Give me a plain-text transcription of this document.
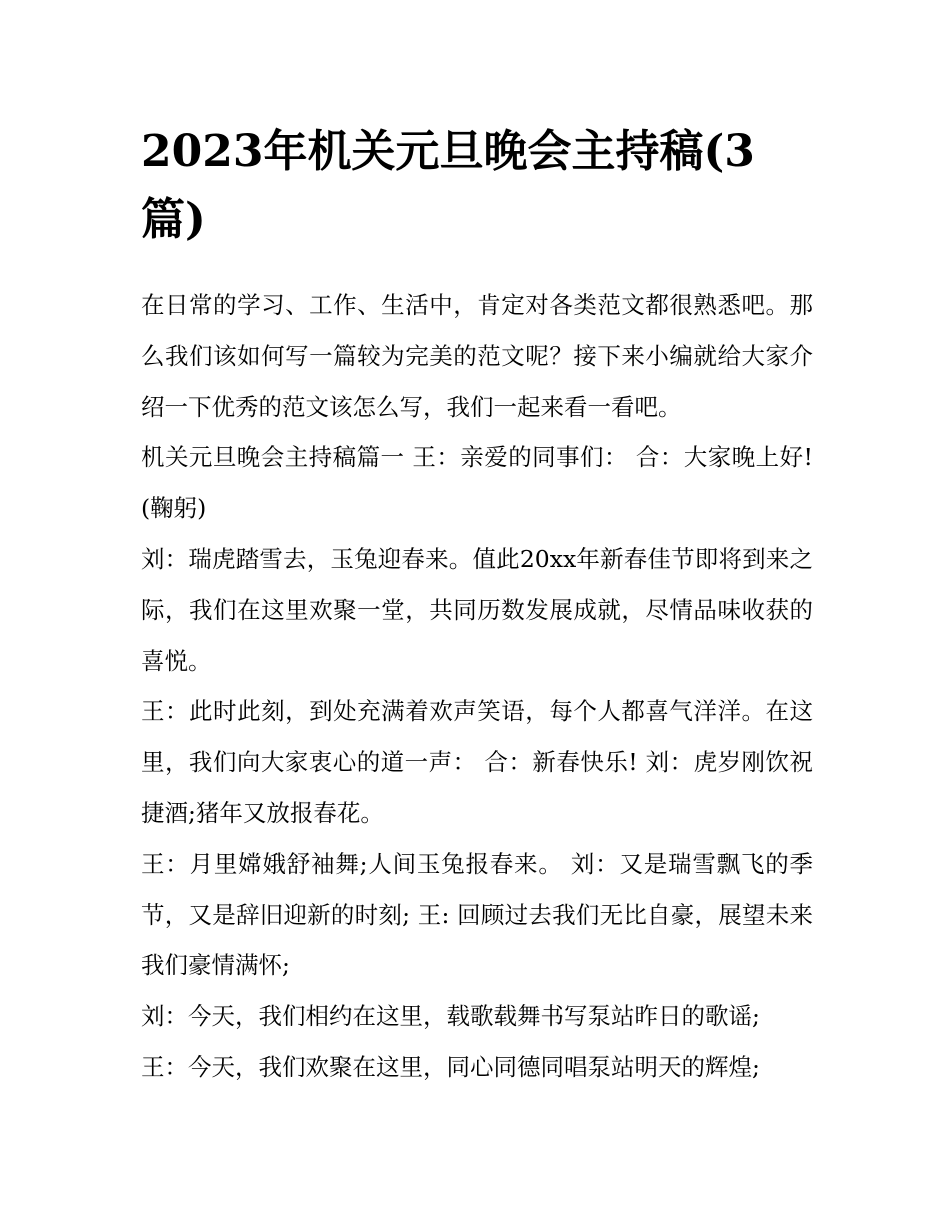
2023年机关元旦晚会主持稿(3篇)

在日常的学习、工作、生活中，肯定对各类范文都很熟悉吧。那么我们该如何写一篇较为完美的范文呢？接下来小编就给大家介绍一下优秀的范文该怎么写，我们一起来看一看吧。

机关元旦晚会主持稿篇一 王：亲爱的同事们： 合：大家晚上好!(鞠躬)

刘：瑞虎踏雪去，玉兔迎春来。值此20xx年新春佳节即将到来之际，我们在这里欢聚一堂，共同历数发展成就，尽情品味收获的喜悦。

王：此时此刻，到处充满着欢声笑语，每个人都喜气洋洋。在这里，我们向大家衷心的道一声： 合：新春快乐! 刘：虎岁刚饮祝捷酒;猪年又放报春花。

王：月里嫦娥舒袖舞;人间玉兔报春来。 刘：又是瑞雪飘飞的季节，又是辞旧迎新的时刻; 王: 回顾过去我们无比自豪，展望未来我们豪情满怀;

刘：今天，我们相约在这里，载歌载舞书写泵站昨日的歌谣;

王：今天，我们欢聚在这里，同心同德同唱泵站明天的辉煌;
